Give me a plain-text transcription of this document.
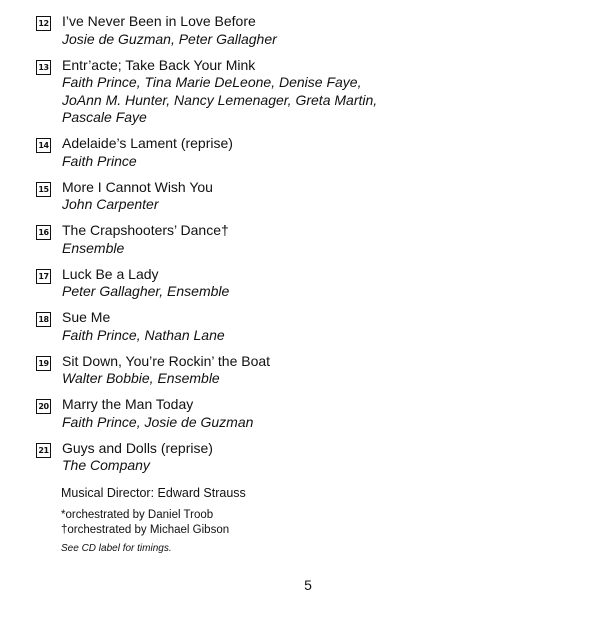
12 I’ve Never Been in Love Before
Josie de Guzman, Peter Gallagher
13 Entr’acte; Take Back Your Mink
Faith Prince, Tina Marie DeLeone, Denise Faye,
JoAnn M. Hunter, Nancy Lemenager, Greta Martin,
Pascale Faye
14 Adelaide’s Lament (reprise)
Faith Prince
15 More I Cannot Wish You
John Carpenter
16 The Crapshooters’ Dance†
Ensemble
17 Luck Be a Lady
Peter Gallagher, Ensemble
18 Sue Me
Faith Prince, Nathan Lane
19 Sit Down, You’re Rockin’ the Boat
Walter Bobbie, Ensemble
20 Marry the Man Today
Faith Prince, Josie de Guzman
21 Guys and Dolls (reprise)
The Company
Musical Director: Edward Strauss
*orchestrated by Daniel Troob
†orchestrated by Michael Gibson
See CD label for timings.
5
